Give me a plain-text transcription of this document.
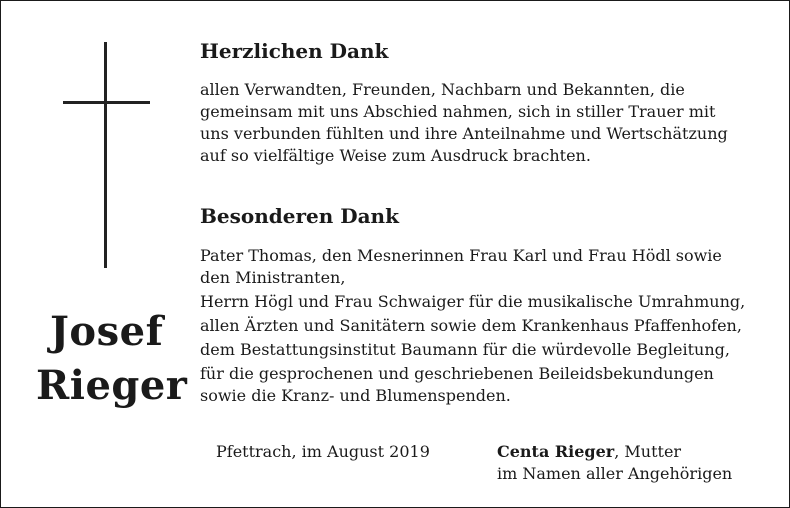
Josef
Rieger
Herzlichen Dank
allen Verwandten, Freunden, Nachbarn und Bekannten, die
gemeinsam mit uns Abschied nahmen, sich in stiller Trauer mit
uns verbunden fühlten und ihre Anteilnahme und Wertschätzung
auf so vielfältige Weise zum Ausdruck brachten.
Besonderen Dank
Pater Thomas, den Mesnerinnen Frau Karl und Frau Hödl sowie
den Ministranten,
Herrn Högl und Frau Schwaiger für die musikalische Umrahmung,
allen Ärzten und Sanitätern sowie dem Krankenhaus Pfaffenhofen,
dem Bestattungsinstitut Baumann für die würdevolle Begleitung,
für die gesprochenen und geschriebenen Beileidsbekundungen
sowie die Kranz- und Blumenspenden.
Pfettrach, im August 2019	Centa Rieger, Mutter
im Namen aller Angehörigen
